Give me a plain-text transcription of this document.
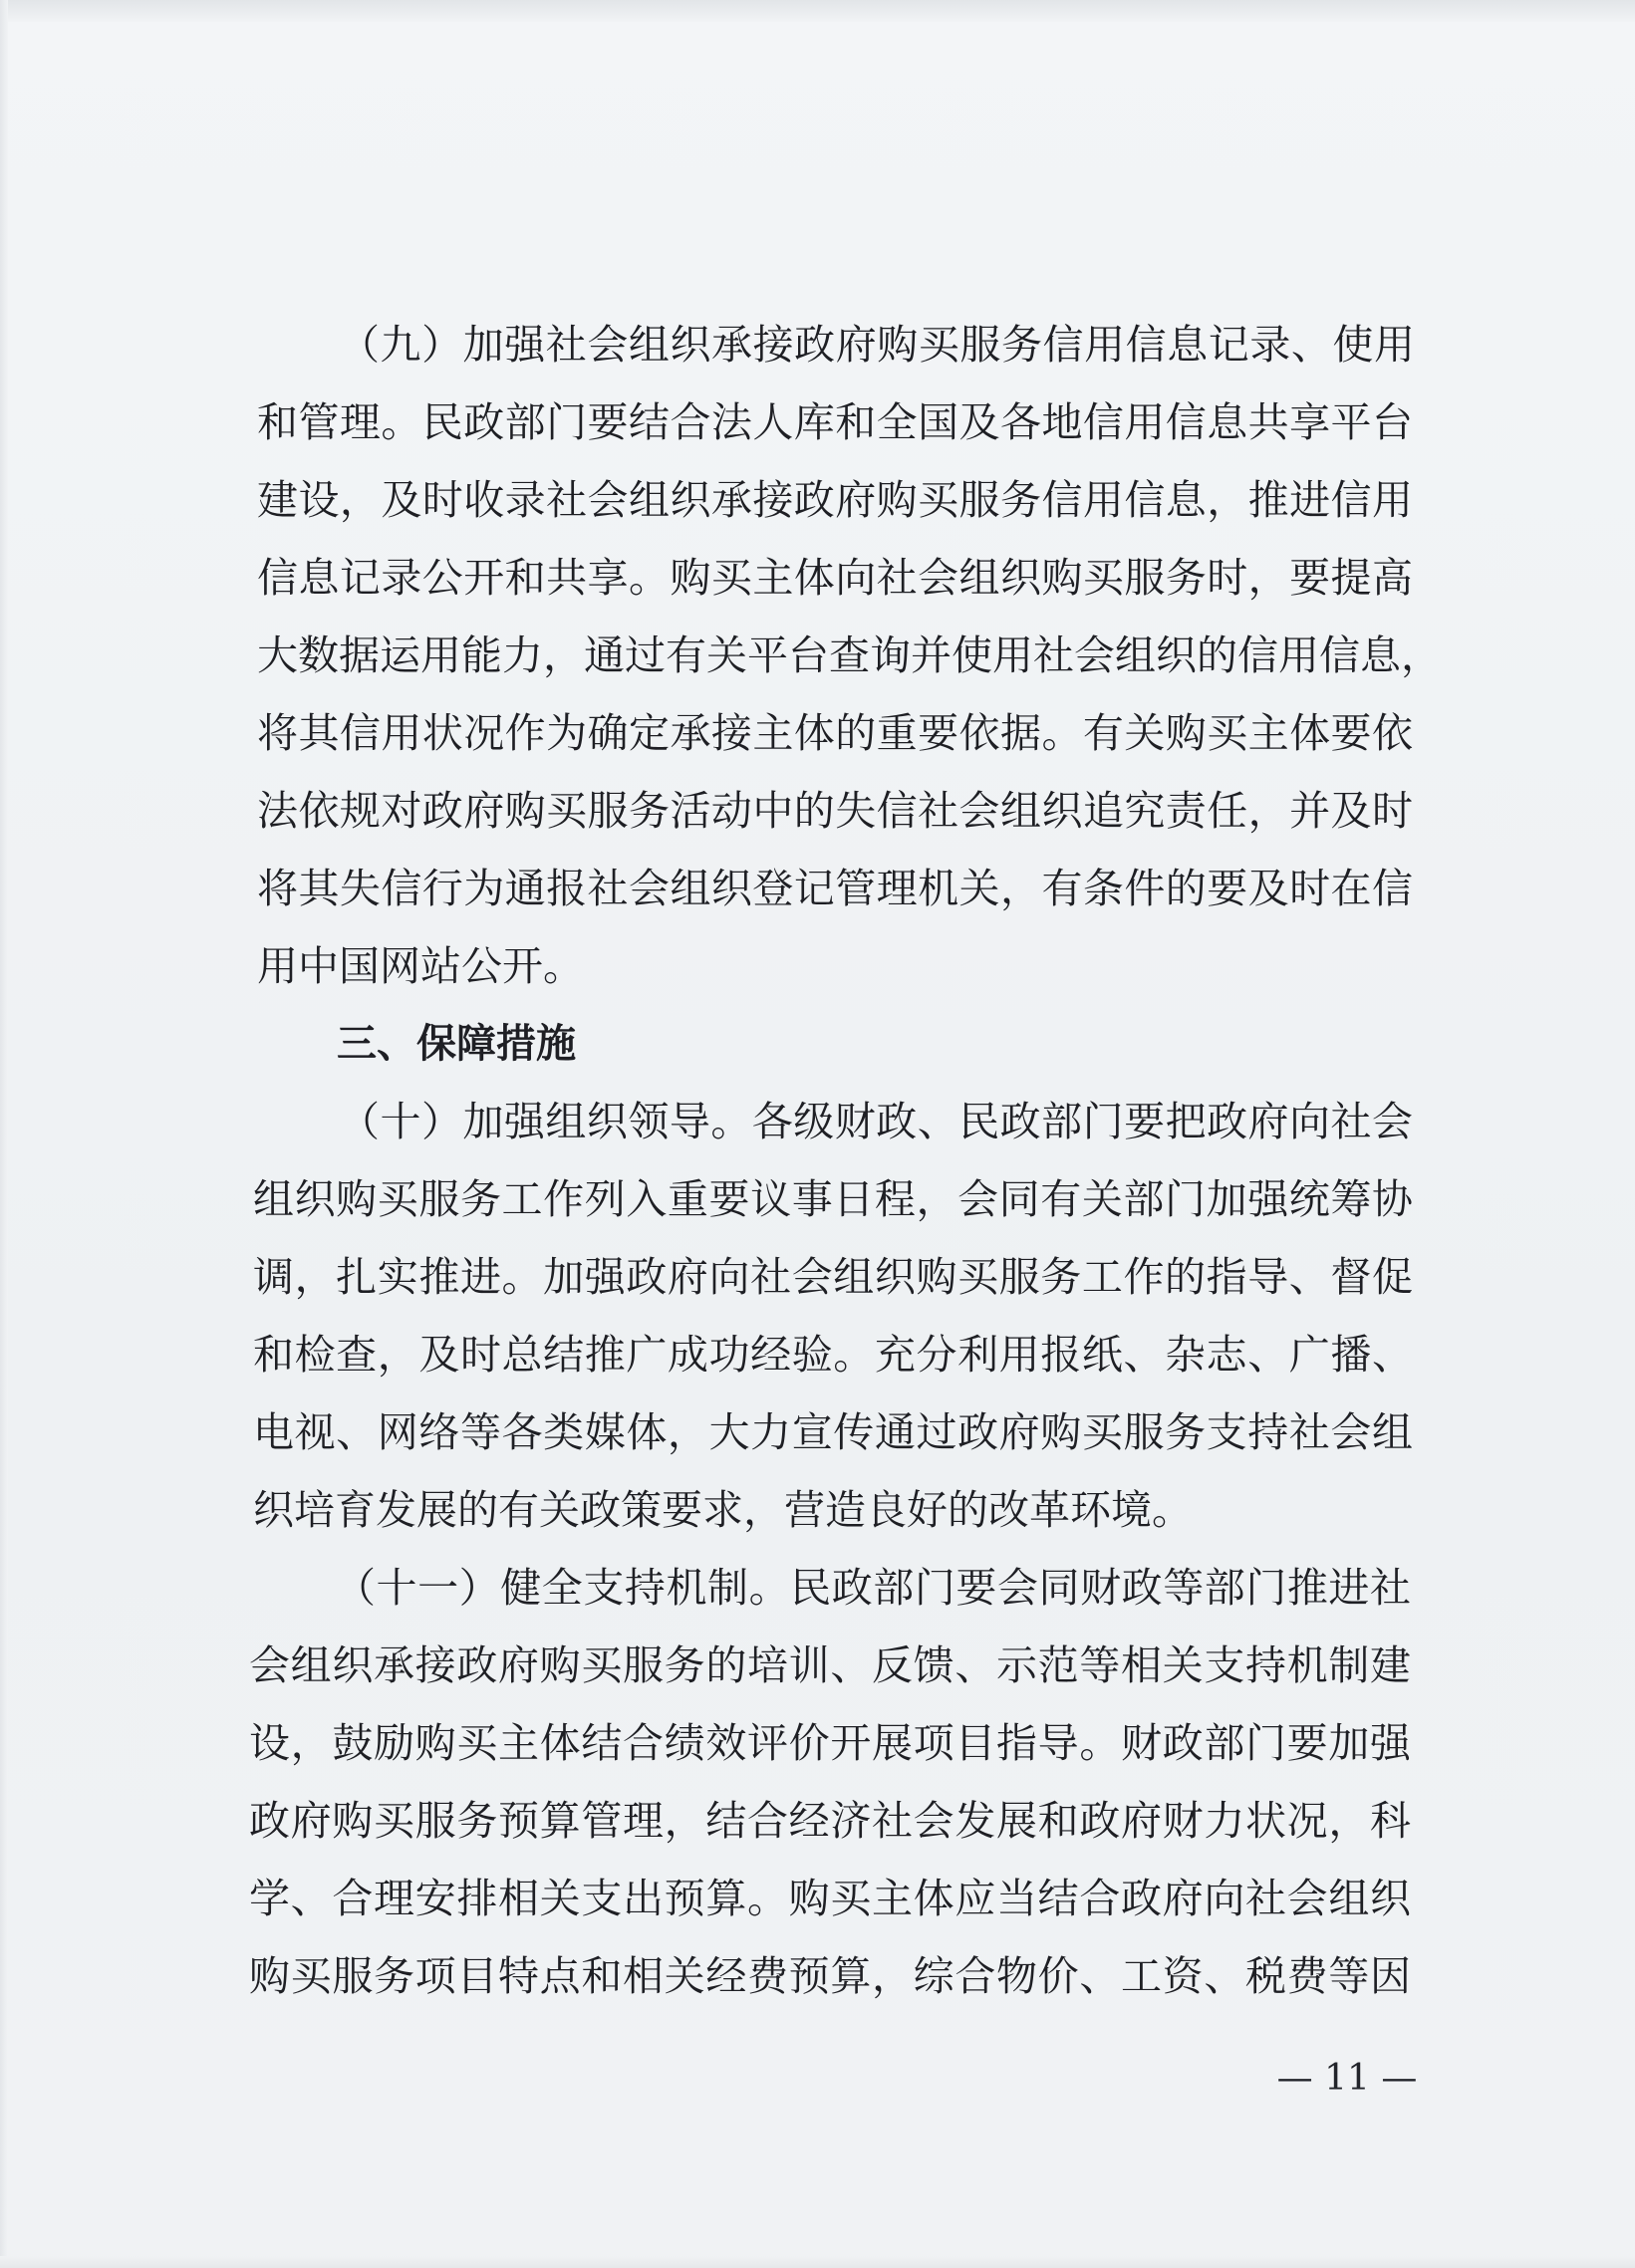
（九）加强社会组织承接政府购买服务信用信息记录、使用
和管理。民政部门要结合法人库和全国及各地信用信息共享平台
建设，及时收录社会组织承接政府购买服务信用信息，推进信用
信息记录公开和共享。购买主体向社会组织购买服务时，要提高
大数据运用能力，通过有关平台查询并使用社会组织的信用信息，
将其信用状况作为确定承接主体的重要依据。有关购买主体要依
法依规对政府购买服务活动中的失信社会组织追究责任，并及时
将其失信行为通报社会组织登记管理机关，有条件的要及时在信
用中国网站公开。
三、保障措施
（十）加强组织领导。各级财政、民政部门要把政府向社会
组织购买服务工作列入重要议事日程，会同有关部门加强统筹协
调，扎实推进。加强政府向社会组织购买服务工作的指导、督促
和检查，及时总结推广成功经验。充分利用报纸、杂志、广播、
电视、网络等各类媒体，大力宣传通过政府购买服务支持社会组
织培育发展的有关政策要求，营造良好的改革环境。
（十一）健全支持机制。民政部门要会同财政等部门推进社
会组织承接政府购买服务的培训、反馈、示范等相关支持机制建
设，鼓励购买主体结合绩效评价开展项目指导。财政部门要加强
政府购买服务预算管理，结合经济社会发展和政府财力状况，科
学、合理安排相关支出预算。购买主体应当结合政府向社会组织
购买服务项目特点和相关经费预算，综合物价、工资、税费等因
— 11 —
